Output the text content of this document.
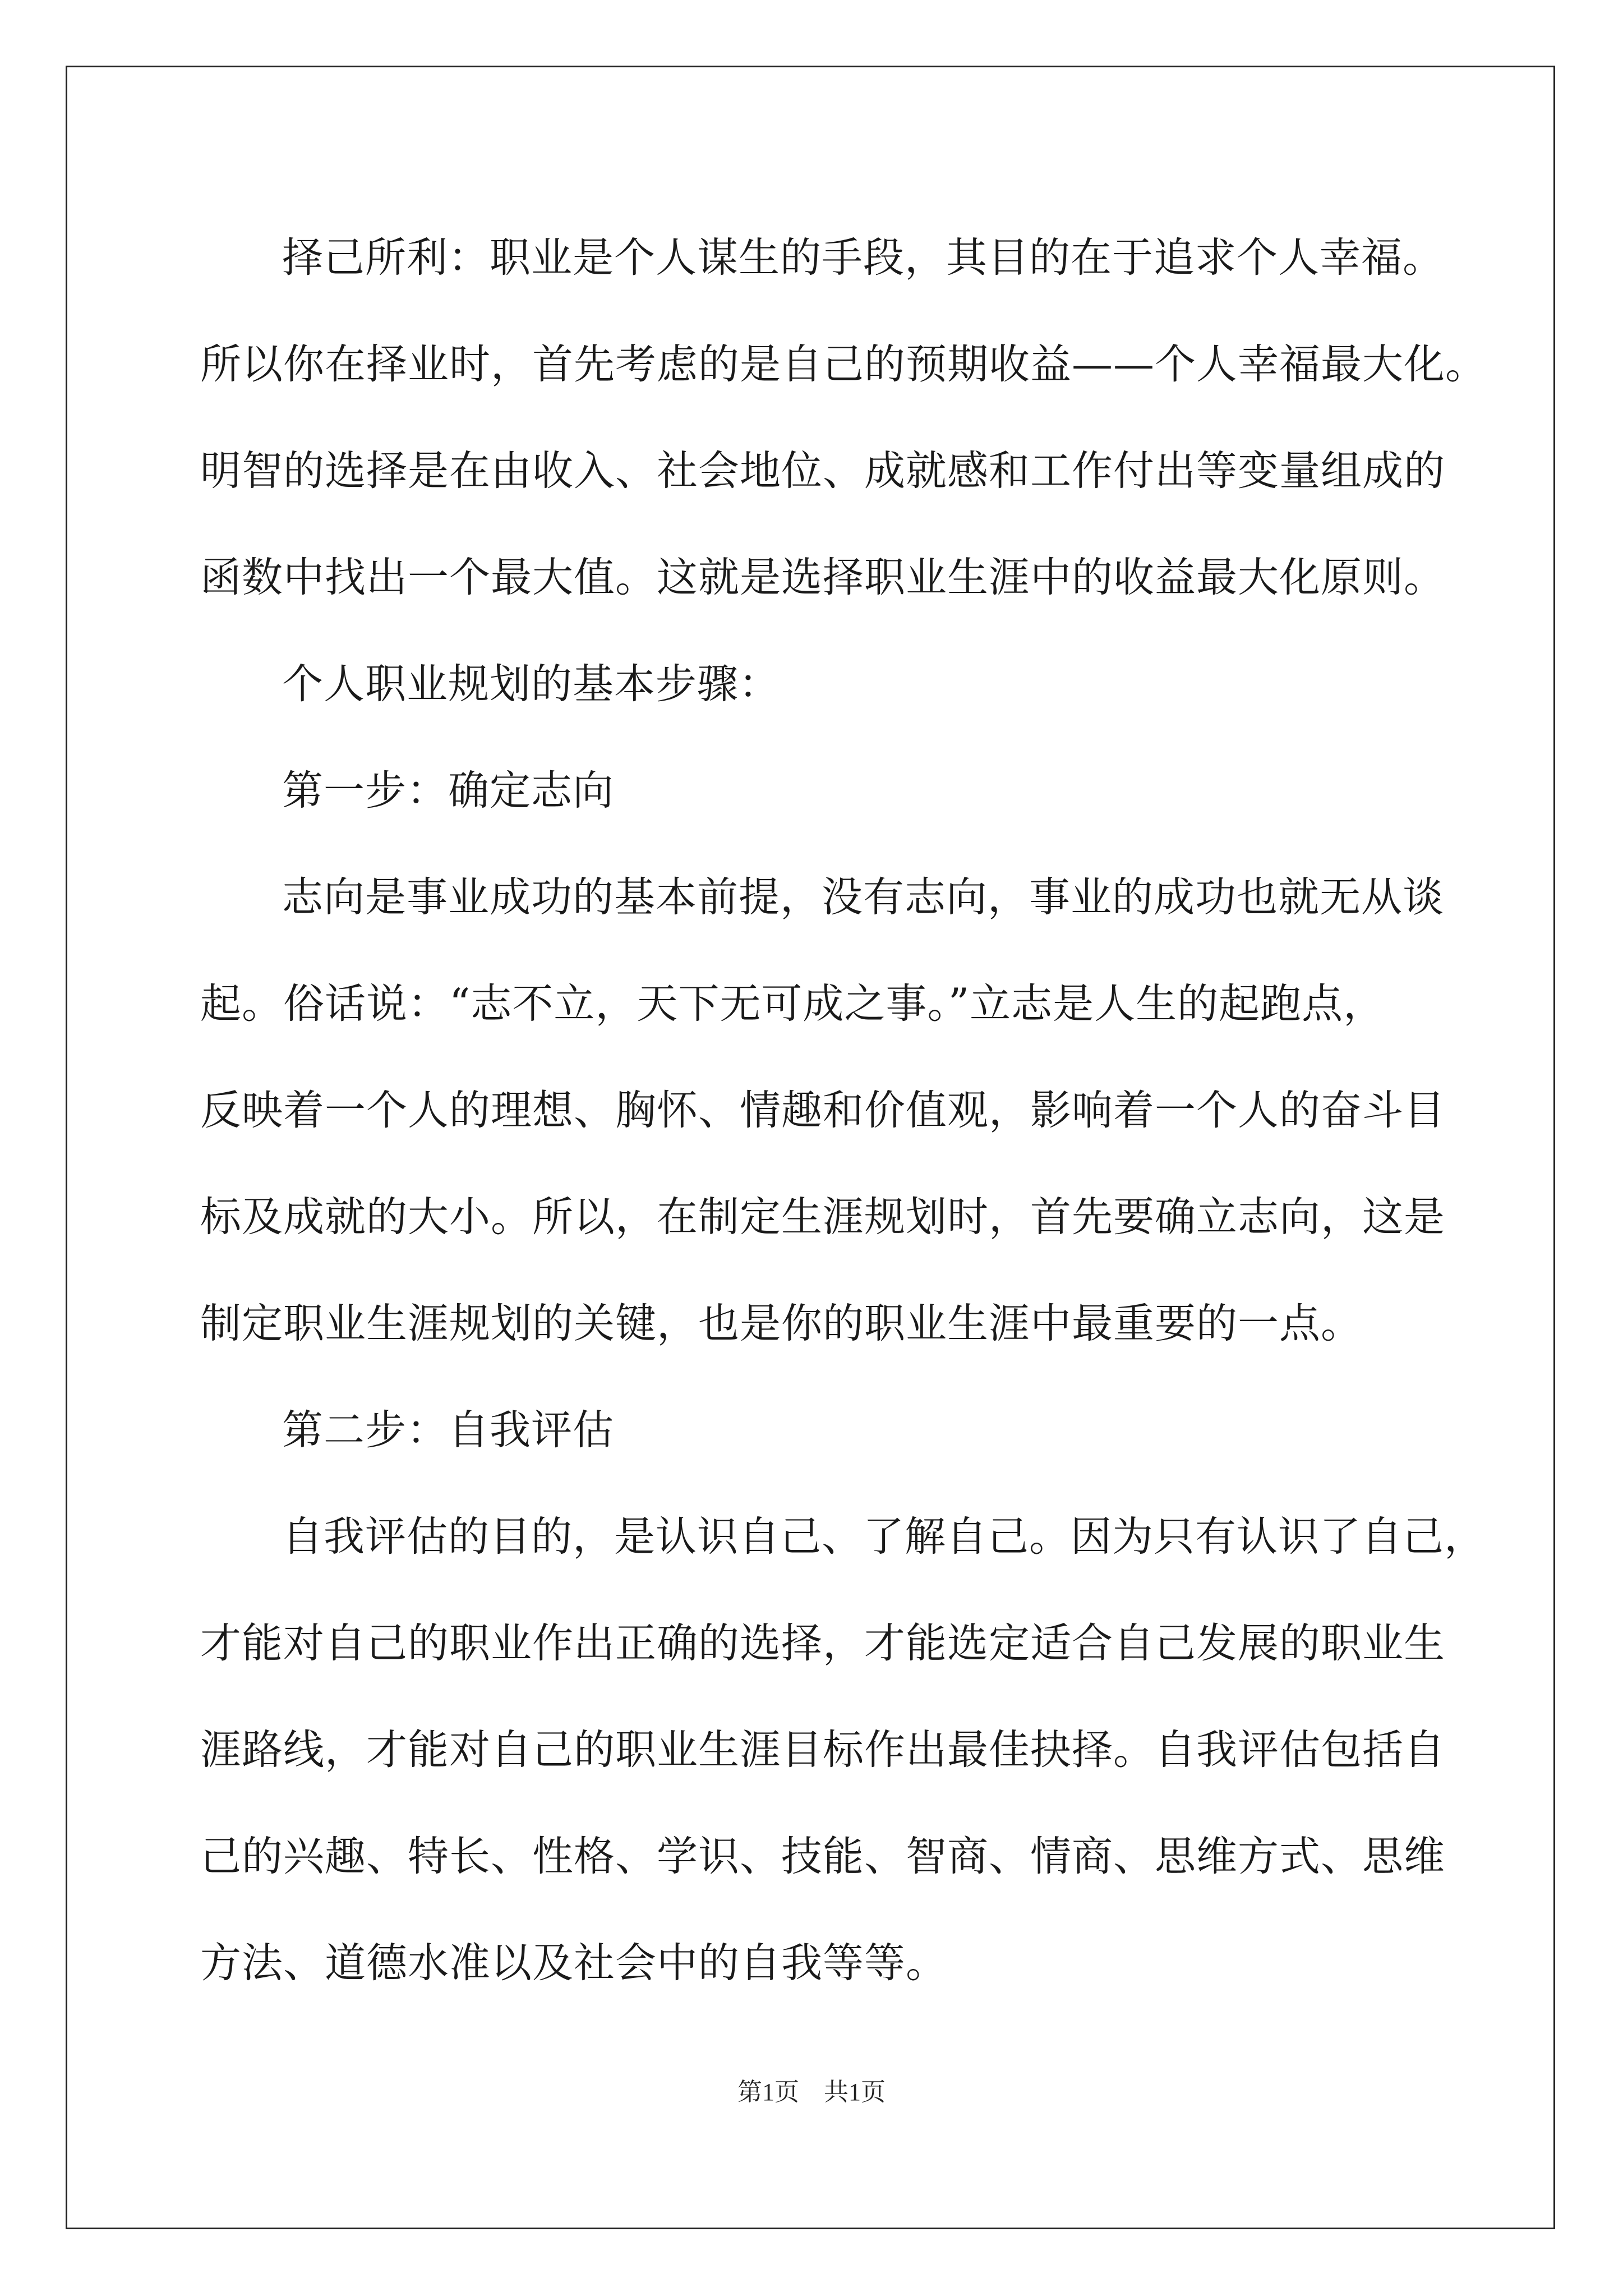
择己所利：职业是个人谋生的手段，其目的在于追求个人幸福。
所以你在择业时，首先考虑的是自己的预期收益——个人幸福最大化。
明智的选择是在由收入、社会地位、成就感和工作付出等变量组成的
函数中找出一个最大值。这就是选择职业生涯中的收益最大化原则。
个人职业规划的基本步骤：
第一步：确定志向
志向是事业成功的基本前提，没有志向，事业的成功也就无从谈
起。俗话说：“志不立，天下无可成之事。”立志是人生的起跑点，
反映着一个人的理想、胸怀、情趣和价值观，影响着一个人的奋斗目
标及成就的大小。所以，在制定生涯规划时，首先要确立志向，这是
制定职业生涯规划的关键，也是你的职业生涯中最重要的一点。
第二步：自我评估
自我评估的目的，是认识自己、了解自己。因为只有认识了自己，
才能对自己的职业作出正确的选择，才能选定适合自己发展的职业生
涯路线，才能对自己的职业生涯目标作出最佳抉择。自我评估包括自
己的兴趣、特长、性格、学识、技能、智商、情商、思维方式、思维
方法、道德水准以及社会中的自我等等。
第1页　共1页
